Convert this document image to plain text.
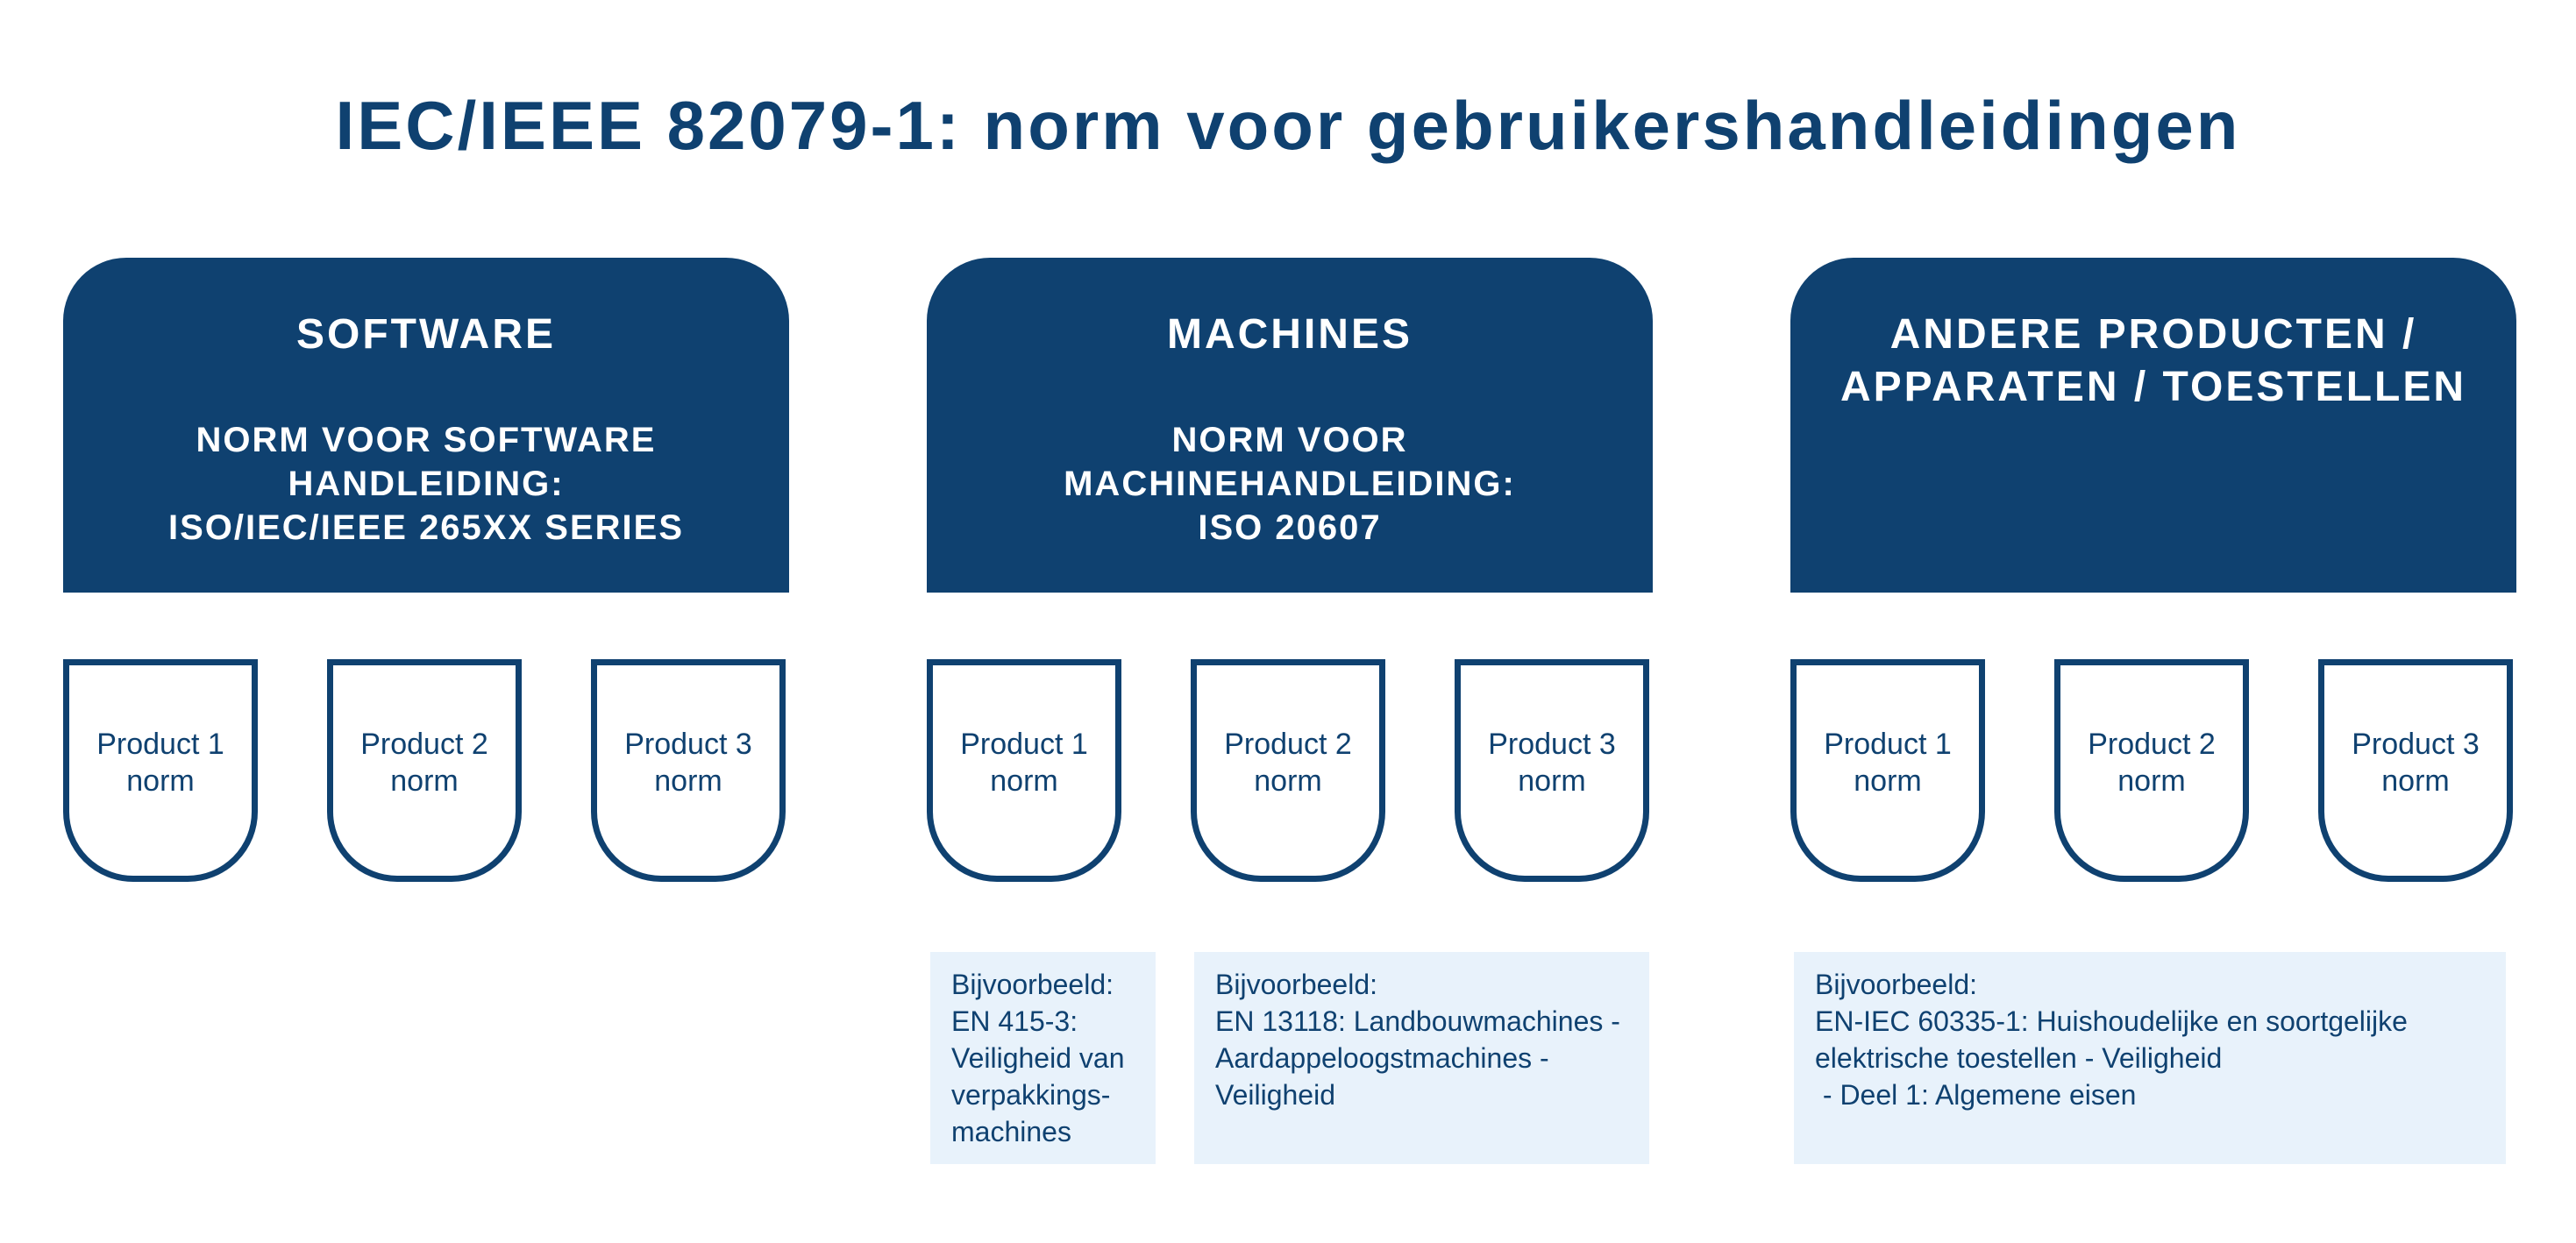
IEC/IEEE 82079-1: norm voor gebruikershandleidingen
SOFTWARE
NORM VOOR SOFTWARE
HANDLEIDING:
ISO/IEC/IEEE 265XX SERIES
MACHINES
NORM VOOR
MACHINEHANDLEIDING:
ISO 20607
ANDERE PRODUCTEN /
APPARATEN / TOESTELLEN
Product 1
norm
Product 2
norm
Product 3
norm
Product 1
norm
Product 2
norm
Product 3
norm
Product 1
norm
Product 2
norm
Product 3
norm
Bijvoorbeeld:
EN 415-3:
Veiligheid van
verpakkings-
machines
Bijvoorbeeld:
EN 13118: Landbouwmachines -
Aardappeloogstmachines -
Veiligheid
Bijvoorbeeld:
EN-IEC 60335-1: Huishoudelijke en soortgelijke
elektrische toestellen - Veiligheid
- Deel 1: Algemene eisen
